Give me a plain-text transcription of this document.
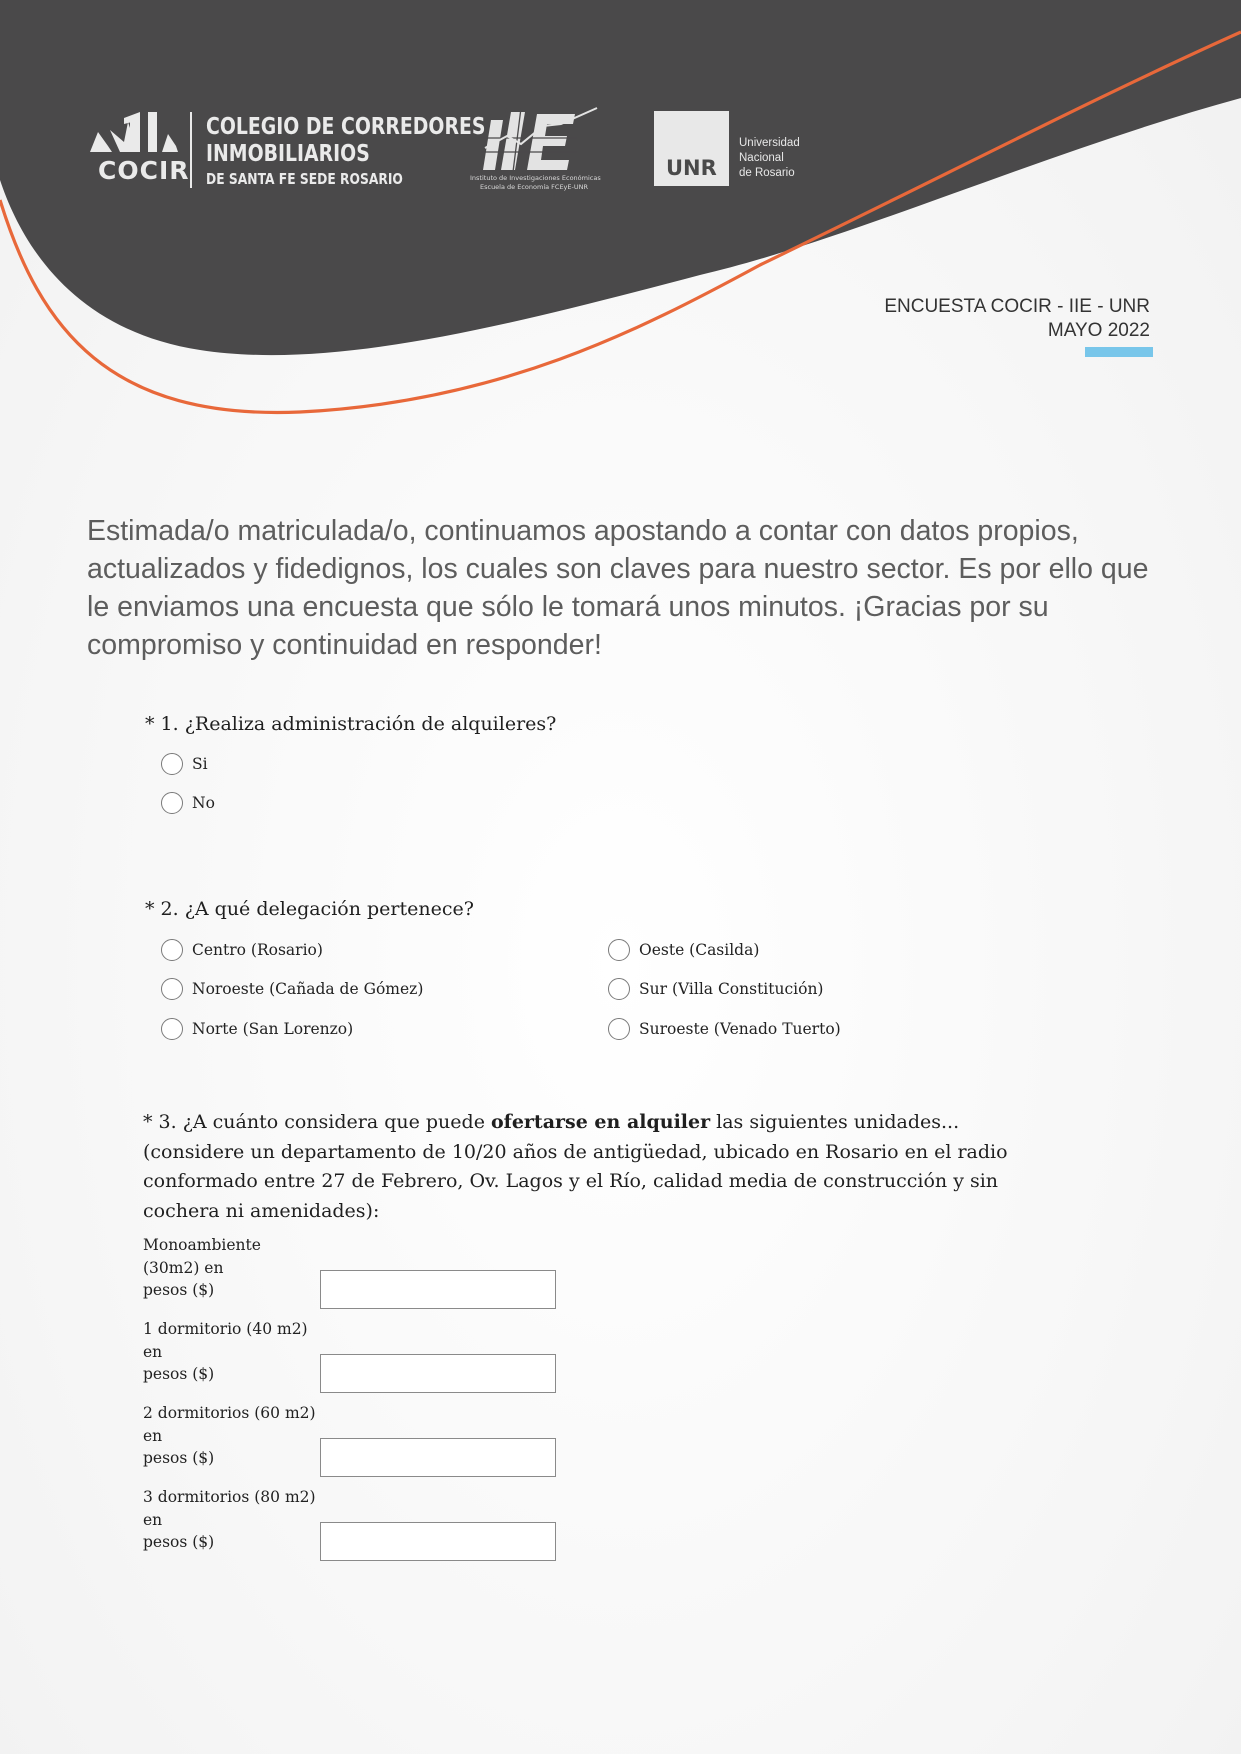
COCIR
COLEGIO DE CORREDORES
INMOBILIARIOS
DE SANTA FE SEDE ROSARIO	Instituto de Investigaciones Económicas
Escuela de Economía FCEyE-UNR
UNR
Universidad
Nacional
de Rosario
ENCUESTA COCIR - IIE - UNR
MAYO 2022
Estimada/o matriculada/o, continuamos apostando a contar con datos propios, actualizados y fidedignos, los cuales son claves para nuestro sector. Es por ello que le enviamos una encuesta que sólo le tomará unos minutos. ¡Gracias por su compromiso y continuidad en responder!
* 1. ¿Realiza administración de alquileres?
Si
No
* 2. ¿A qué delegación pertenece?
Centro (Rosario)
Noroeste (Cañada de Gómez)
Norte (San Lorenzo)
Oeste (Casilda)
Sur (Villa Constitución)
Suroeste (Venado Tuerto)
* 3. ¿A cuánto considera que puede ofertarse en alquiler las siguientes unidades... (considere un departamento de 10/20 años de antigüedad, ubicado en Rosario en el radio conformado entre 27 de Febrero, Ov. Lagos y el Río, calidad media de construcción y sin cochera ni amenidades):
Monoambiente
(30m2) en
pesos ($)
1 dormitorio (40 m2)
en
pesos ($)
2 dormitorios (60 m2)
en
pesos ($)
3 dormitorios (80 m2)
en
pesos ($)
